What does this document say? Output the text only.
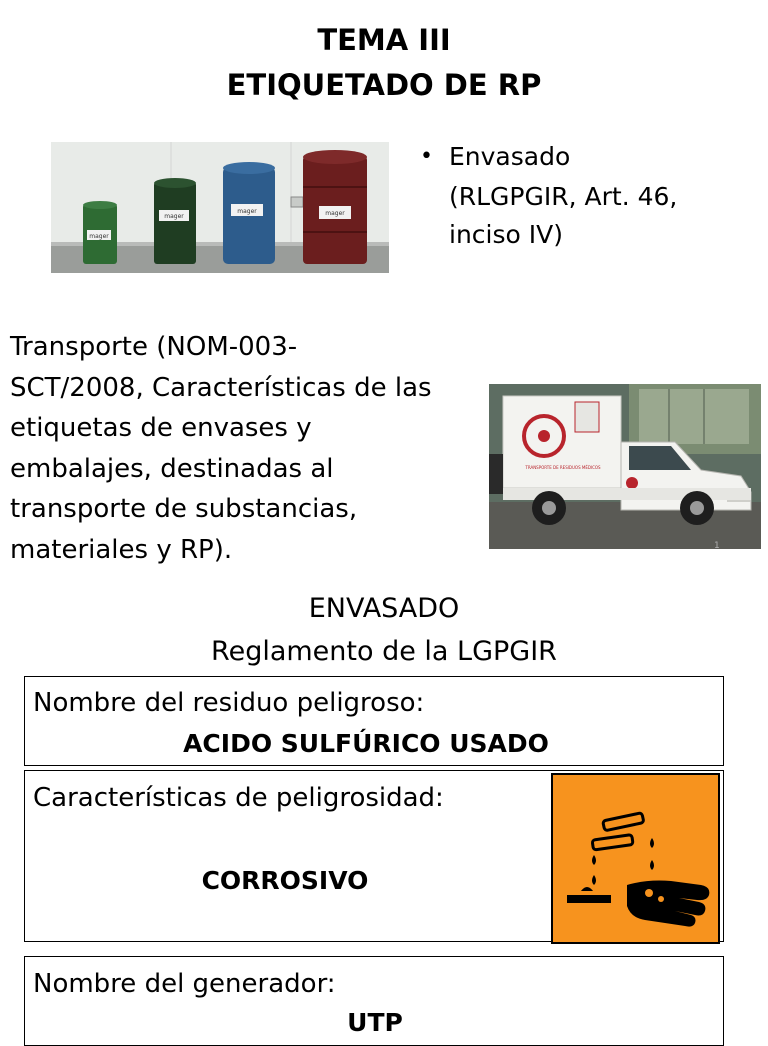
TEMA III
ETIQUETADO DE RP
mager
mager
mager	mager
• Envasado
(RLGPGIR, Art. 46,
inciso IV)
Transporte (NOM-003-
SCT/2008, Características de las
etiquetas de envases y
embalajes, destinadas al
transporte de substancias,
materiales y RP).
TRANSPORTE DE RESIDUOS MÉDICOS
1
ENVASADO
Reglamento de la LGPGIR
Nombre del residuo peligroso:
ACIDO SULFÚRICO USADO
Características de peligrosidad:
CORROSIVO
Nombre del generador:
UTP
